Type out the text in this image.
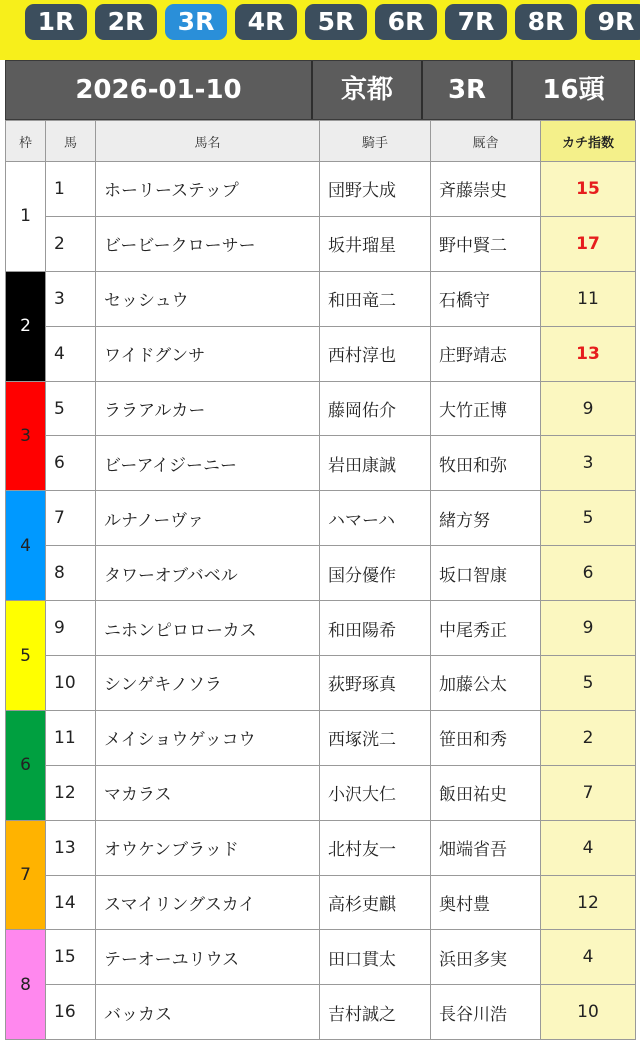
1R	2R	3R	4R	5R	6R	7R	8R	9R
2026-01-10	京都	3R	16頭
枠	馬	馬名	騎手	厩舎	カチ指数
1	1	ホーリーステップ	団野大成	斉藤崇史	15
	2	ビービークローサー	坂井瑠星	野中賢二	17
2	3	セッシュウ	和田竜二	石橋守	11
	4	ワイドグンサ	西村淳也	庄野靖志	13
3	5	ララアルカー	藤岡佑介	大竹正博	9
	6	ビーアイジーニー	岩田康誠	牧田和弥	3
4	7	ルナノーヴァ	ハマーハ	緒方努	5
	8	タワーオブバベル	国分優作	坂口智康	6
5	9	ニホンピロローカス	和田陽希	中尾秀正	9
	10	シンゲキノソラ	荻野琢真	加藤公太	5
6	11	メイショウゲッコウ	西塚洸二	笹田和秀	2
	12	マカラス	小沢大仁	飯田祐史	7
7	13	オウケンブラッド	北村友一	畑端省吾	4
	14	スマイリングスカイ	高杉吏麒	奥村豊	12
8	15	テーオーユリウス	田口貫太	浜田多実	4
	16	バッカス	吉村誠之	長谷川浩	10
